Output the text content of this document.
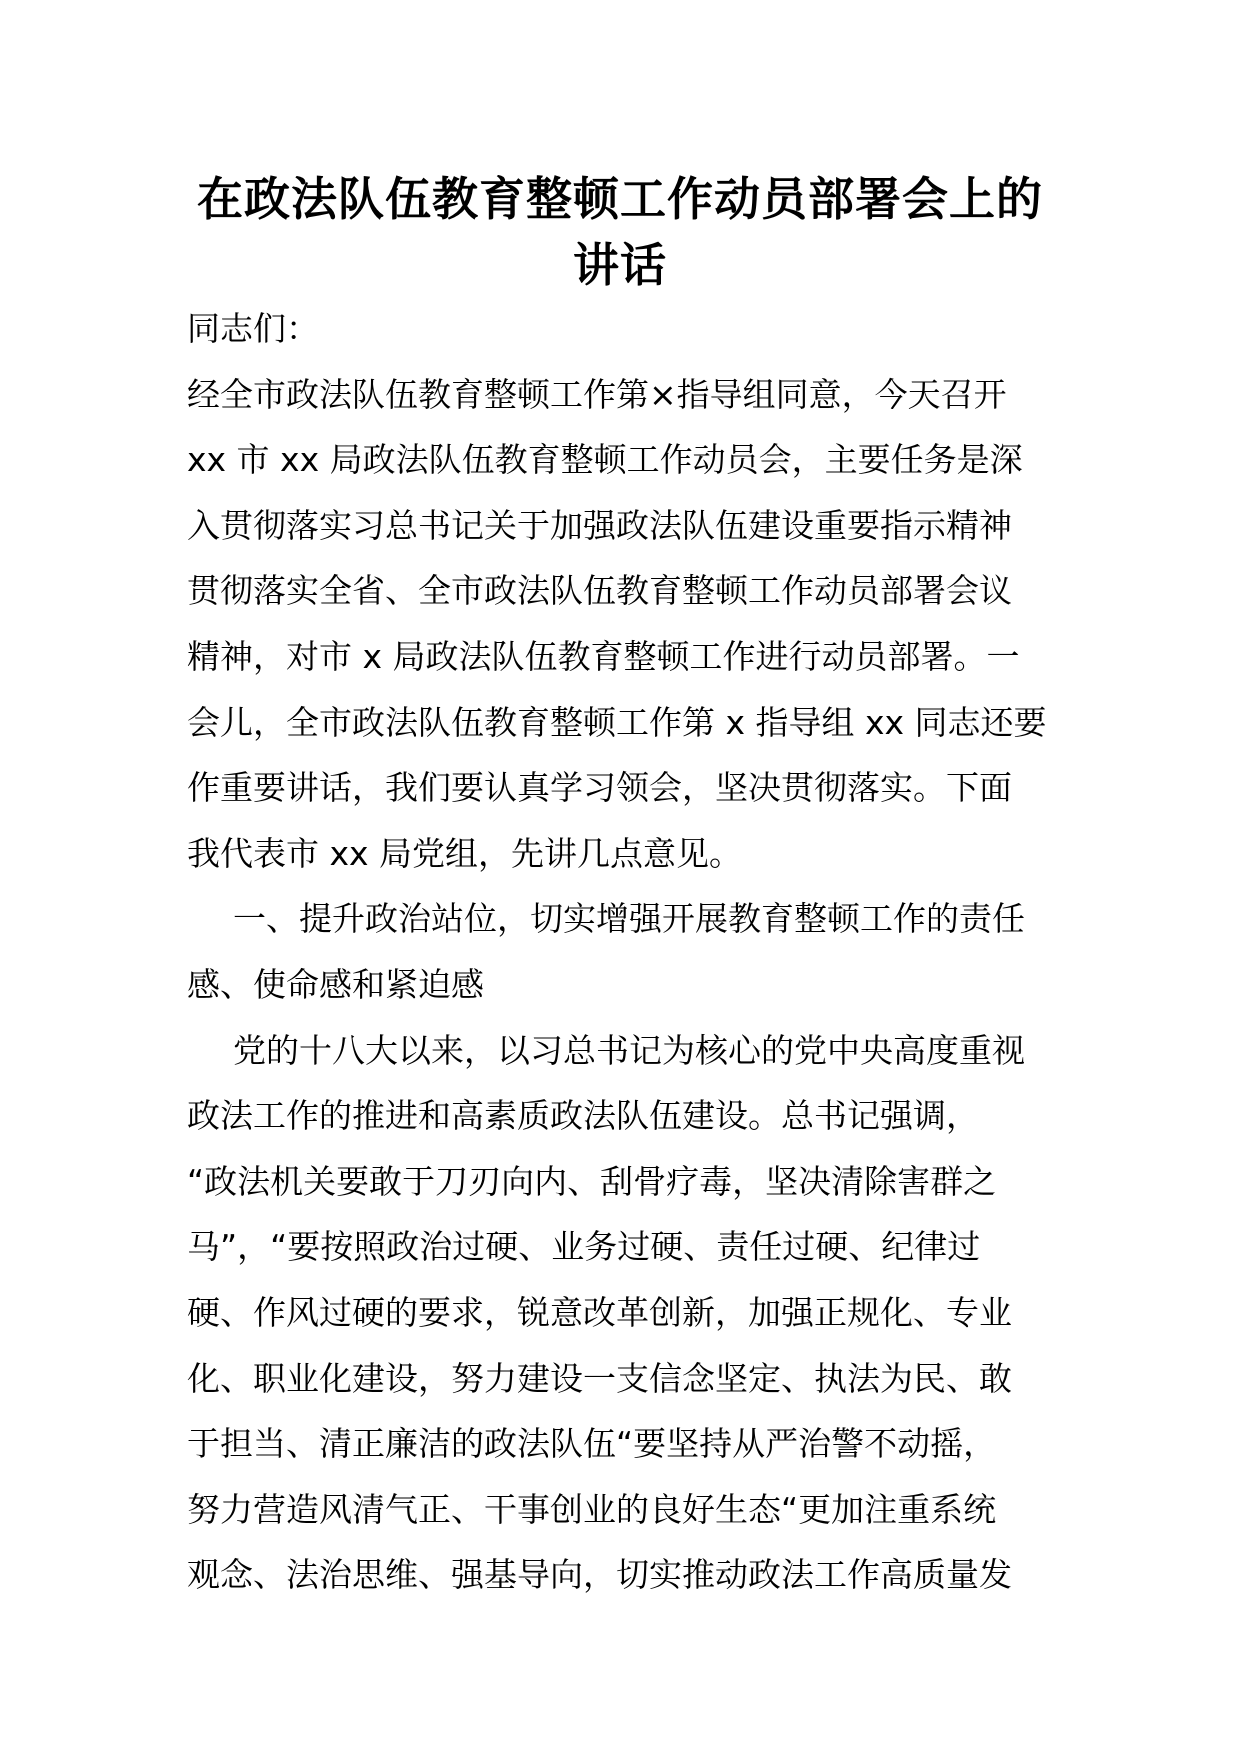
在政法队伍教育整顿工作动员部署会上的
讲话
同志们：
经全市政法队伍教育整顿工作第×指导组同意，今天召开
xx 市 xx 局政法队伍教育整顿工作动员会，主要任务是深
入贯彻落实习总书记关于加强政法队伍建设重要指示精神
贯彻落实全省、全市政法队伍教育整顿工作动员部署会议
精神，对市 x 局政法队伍教育整顿工作进行动员部署。一
会儿，全市政法队伍教育整顿工作第 x 指导组 xx 同志还要
作重要讲话，我们要认真学习领会，坚决贯彻落实。下面
我代表市 xx 局党组，先讲几点意见。
一、提升政治站位，切实增强开展教育整顿工作的责任
感、使命感和紧迫感
党的十八大以来，以习总书记为核心的党中央高度重视
政法工作的推进和高素质政法队伍建设。总书记强调，
“政法机关要敢于刀刃向内、刮骨疗毒，坚决清除害群之
马”，“要按照政治过硬、业务过硬、责任过硬、纪律过
硬、作风过硬的要求，锐意改革创新，加强正规化、专业
化、职业化建设，努力建设一支信念坚定、执法为民、敢
于担当、清正廉洁的政法队伍“要坚持从严治警不动摇，
努力营造风清气正、干事创业的良好生态“更加注重系统
观念、法治思维、强基导向，切实推动政法工作高质量发
